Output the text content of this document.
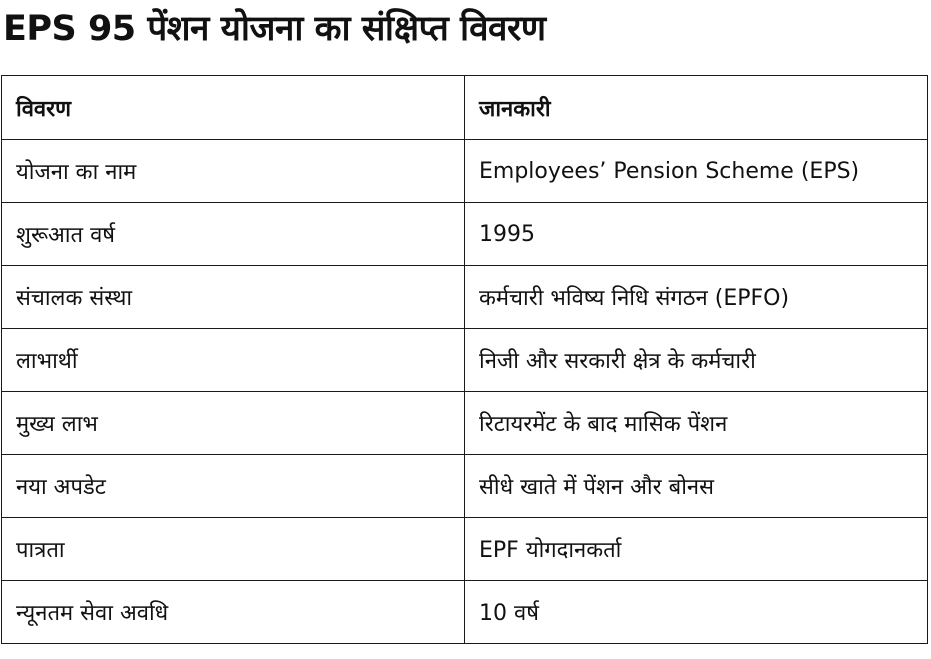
EPS 95 पेंशन योजना का संक्षिप्त विवरण
विवरण	जानकारी
योजना का नाम	Employees’ Pension Scheme (EPS)
शुरूआत वर्ष	1995
संचालक संस्था	कर्मचारी भविष्य निधि संगठन (EPFO)
लाभार्थी	निजी और सरकारी क्षेत्र के कर्मचारी
मुख्य लाभ	रिटायरमेंट के बाद मासिक पेंशन
नया अपडेट	सीधे खाते में पेंशन और बोनस
पात्रता	EPF योगदानकर्ता
न्यूनतम सेवा अवधि	10 वर्ष
